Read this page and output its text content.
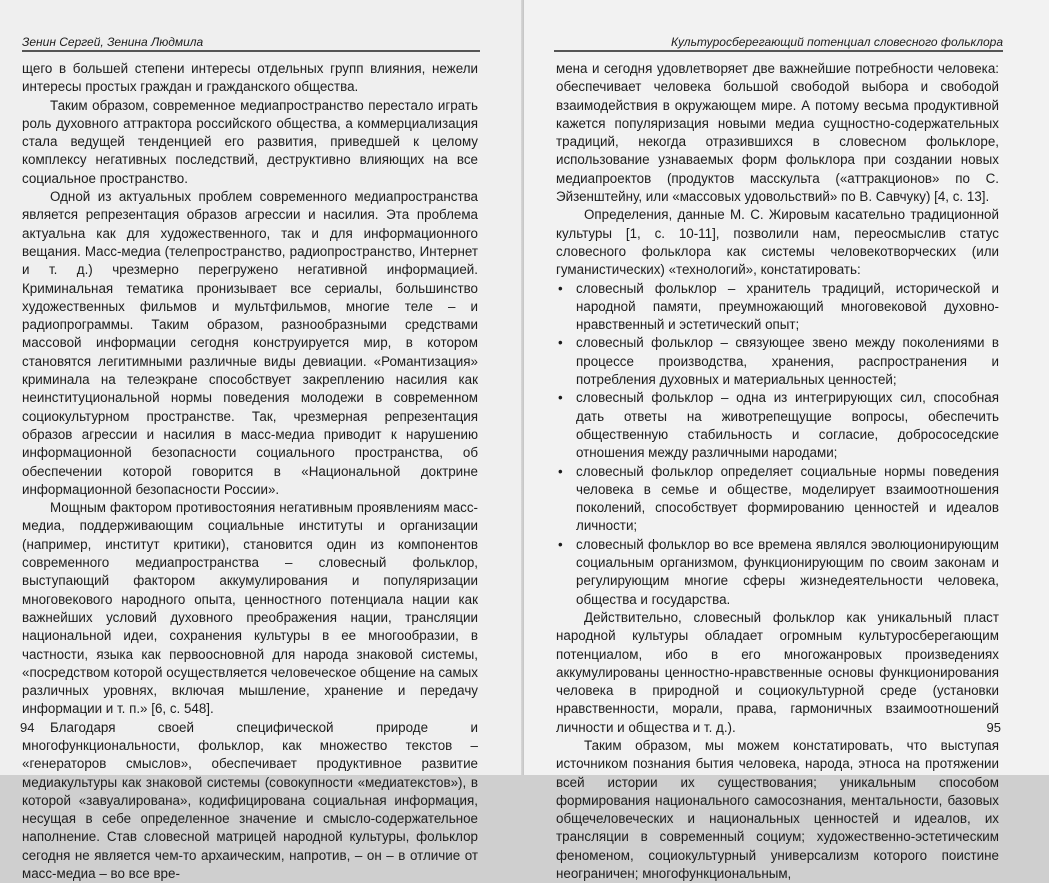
Зенин Сергей, Зенина Людмила

щего в большей степени интересы отдельных групп влияния, нежели интересы простых граждан и гражданского общества.

Таким образом, современное медиапространство перестало играть роль духовного аттрактора российского общества, а коммерциализация стала ведущей тенденцией его развития, приведшей к целому комплексу негативных последствий, деструктивно влияющих на все социальное пространство.

Одной из актуальных проблем современного медиапространства является репрезентация образов агрессии и насилия. Эта проблема актуальна как для художественного, так и для информационного вещания. Масс-медиа (телепространство, радиопространство, Интернет и т. д.) чрезмерно перегружено негативной информацией. Криминальная тематика пронизывает все сериалы, большинство художественных фильмов и мультфильмов, многие теле – и радиопрограммы. Таким образом, разнообразными средствами массовой информации сегодня конструируется мир, в котором становятся легитимными различные виды девиации. «Романтизация» криминала на телеэкране способствует закреплению насилия как неинституциональной нормы поведения молодежи в современном социокультурном пространстве. Так, чрезмерная репрезентация образов агрессии и насилия в масс-медиа приводит к нарушению информационной безопасности социального пространства, об обеспечении которой говорится в «Национальной доктрине информационной безопасности России».

Мощным фактором противостояния негативным проявлениям масс-медиа, поддерживающим социальные институты и организации (например, институт критики), становится один из компонентов современного медиапространства – словесный фольклор, выступающий фактором аккумулирования и популяризации многовекового народного опыта, ценностного потенциала нации как важнейших условий духовного преображения нации, трансляции национальной идеи, сохранения культуры в ее многообразии, в частности, языка как первоосновной для народа знаковой системы, «посредством которой осуществляется человеческое общение на самых различных уровнях, включая мышление, хранение и передачу информации и т. п.» [6, с. 548].

Благодаря своей специфической природе и многофункциональности, фольклор, как множество текстов – «генераторов смыслов», обеспечивает продуктивное развитие медиакультуры как знаковой системы (совокупности «медиатекстов»), в которой «завуалирована», кодифицирована социальная информация, несущая в себе определенное значение и смысло-содержательное наполнение. Став словесной матрицей народной культуры, фольклор сегодня не является чем-то архаическим, напротив, – он – в отличие от масс-медиа – во все вре-

94
Культуросберегающий потенциал словесного фольклора

мена и сегодня удовлетворяет две важнейшие потребности человека: обеспечивает человека большой свободой выбора и свободой взаимодействия в окружающем мире. А потому весьма продуктивной кажется популяризация новыми медиа сущностно-содержательных традиций, некогда отразившихся в словесном фольклоре, использование узнаваемых форм фольклора при создании новых медиапроектов (продуктов масскульта («аттракционов» по С. Эйзенштейну, или «массовых удовольствий» по В. Савчуку) [4, с. 13].

Определения, данные М. С. Жировым касательно традиционной культуры [1, с. 10-11], позволили нам, переосмыслив статус словесного фольклора как системы человекотворческих (или гуманистических) «технологий», констатировать:

• словесный фольклор – хранитель традиций, исторической и народной памяти, преумножающий многовековой духовно-нравственный и эстетический опыт;
• словесный фольклор – связующее звено между поколениями в процессе производства, хранения, распространения и потребления духовных и материальных ценностей;
• словесный фольклор – одна из интегрирующих сил, способная дать ответы на животрепещущие вопросы, обеспечить общественную стабильность и согласие, добрососедские отношения между различными народами;
• словесный фольклор определяет социальные нормы поведения человека в семье и обществе, моделирует взаимоотношения поколений, способствует формированию ценностей и идеалов личности;
• словесный фольклор во все времена являлся эволюционирующим социальным организмом, функционирующим по своим законам и регулирующим многие сферы жизнедеятельности человека, общества и государства.

Действительно, словесный фольклор как уникальный пласт народной культуры обладает огромным культуросберегающим потенциалом, ибо в его многожанровых произведениях аккумулированы ценностно-нравственные основы функционирования человека в природной и социокультурной среде (установки нравственности, морали, права, гармоничных взаимоотношений личности и общества и т. д.).

Таким образом, мы можем констатировать, что выступая источником познания бытия человека, народа, этноса на протяжении всей истории их существования; уникальным способом формирования национального самосознания, ментальности, базовых общечеловеческих и национальных ценностей и идеалов, их трансляции в современный социум; художественно-эстетическим феноменом, социокультурный универсализм которого поистине неограничен; многофункциональным,

95
